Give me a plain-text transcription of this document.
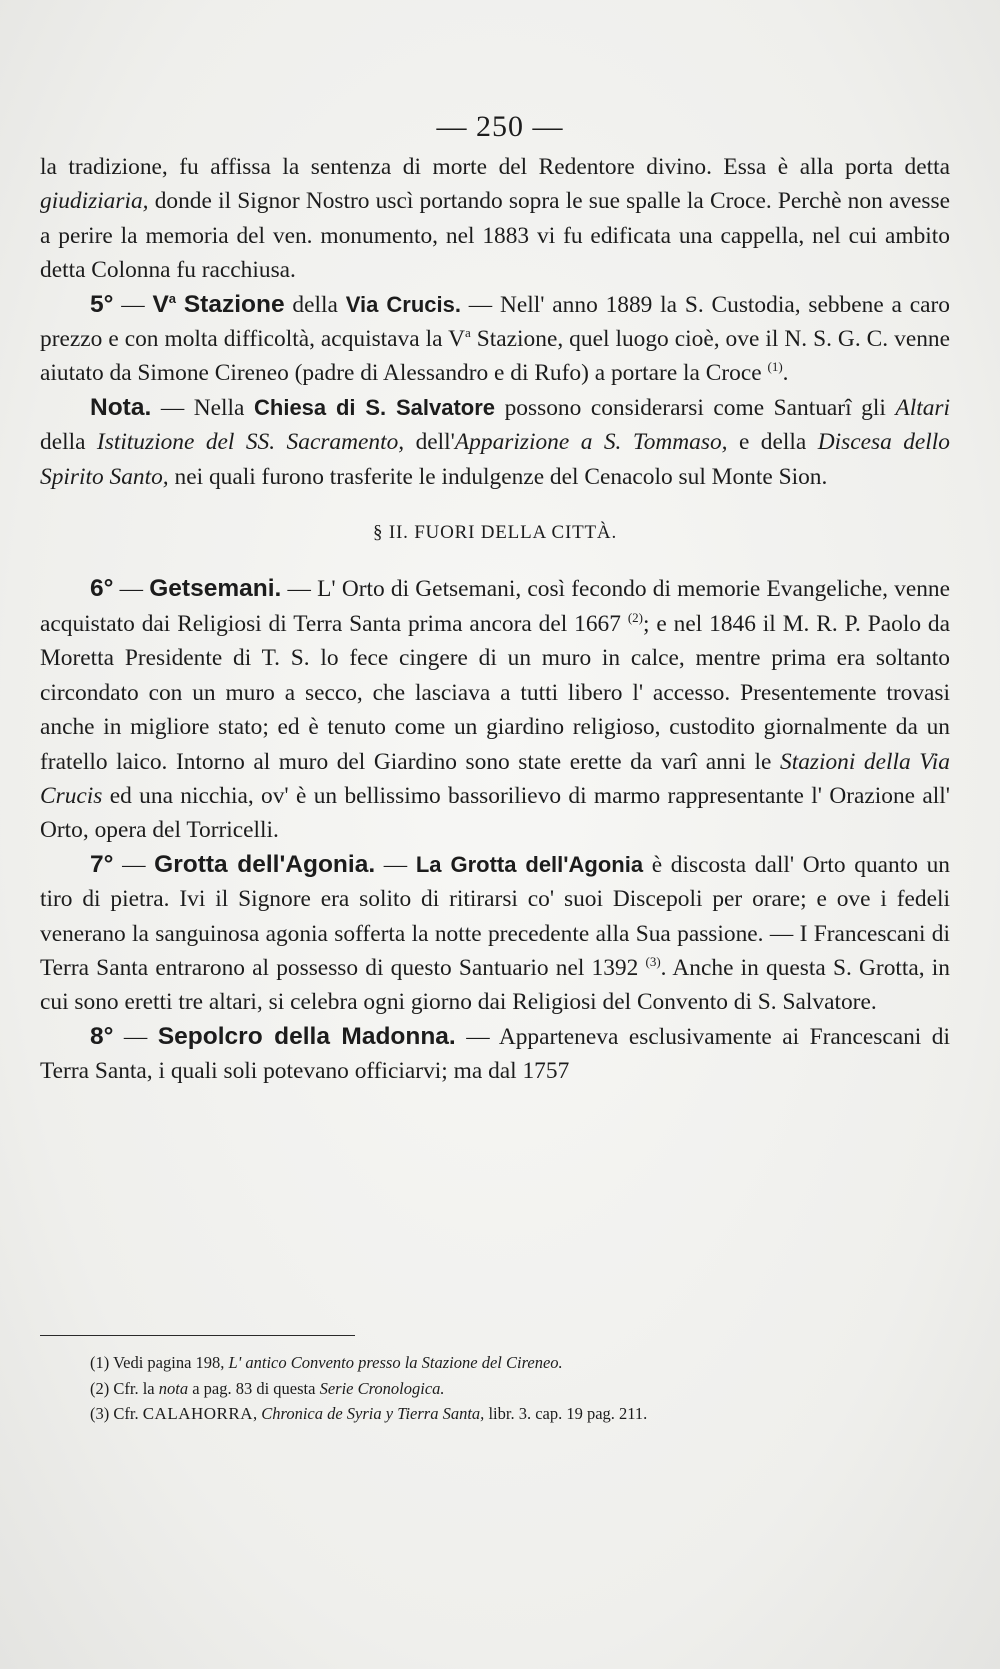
— 250 —

la tradizione, fu affissa la sentenza di morte del Redentore divino. Essa è alla porta detta giudiziaria, donde il Signor Nostro uscì portando sopra le sue spalle la Croce. Perchè non avesse a perire la memoria del ven. monumento, nel 1883 vi fu edificata una cappella, nel cui ambito detta Colonna fu racchiusa.

5° — $V^a$ Stazione della Via Crucis. — Nell' anno 1889 la S. Custodia, sebbene a caro prezzo e con molta difficoltà, acquistava la $V^a$ Stazione, quel luogo cioè, ove il N. S. G. C. venne aiutato da Simone Cireneo (padre di Alessandro e di Rufo) a portare la Croce $^{(1)}$.

Nota. — Nella Chiesa di S. Salvatore possono considerarsi come Santuarî gli Altari della Istituzione del SS. Sacramento, dell'Apparizione a S. Tommaso, e della Discesa dello Spirito Santo, nei quali furono trasferite le indulgenze del Cenacolo sul Monte Sion.

§ II. FUORI DELLA CITTÀ.

6° — Getsemani. — L' Orto di Getsemani, così fecondo di memorie Evangeliche, venne acquistato dai Religiosi di Terra Santa prima ancora del 1667 $^{(2)}$; e nel 1846 il M. R. P. Paolo da Moretta Presidente di T. S. lo fece cingere di un muro in calce, mentre prima era soltanto circondato con un muro a secco, che lasciava a tutti libero l' accesso. Presentemente trovasi anche in migliore stato; ed è tenuto come un giardino religioso, custodito giornalmente da un fratello laico. Intorno al muro del Giardino sono state erette da varî anni le Stazioni della Via Crucis ed una nicchia, ov' è un bellissimo bassorilievo di marmo rappresentante l' Orazione all' Orto, opera del Torricelli.

7° — Grotta dell'Agonia. — La Grotta dell'Agonia è discosta dall' Orto quanto un tiro di pietra. Ivi il Signore era solito di ritirarsi co' suoi Discepoli per orare; e ove i fedeli venerano la sanguinosa agonia sofferta la notte precedente alla Sua passione. — I Francescani di Terra Santa entrarono al possesso di questo Santuario nel 1392 $^{(3)}$. Anche in questa S. Grotta, in cui sono eretti tre altari, si celebra ogni giorno dai Religiosi del Convento di S. Salvatore.

8° — Sepolcro della Madonna. — Apparteneva esclusivamente ai Francescani di Terra Santa, i quali soli potevano officiarvi; ma dal 1757

(1) Vedi pagina 198, L' antico Convento presso la Stazione del Cireneo.

(2) Cfr. la nota a pag. 83 di questa Serie Cronologica.

(3) Cfr. CALAHORRA, Chronica de Syria y Tierra Santa, libr. 3. cap. 19 pag. 211.
